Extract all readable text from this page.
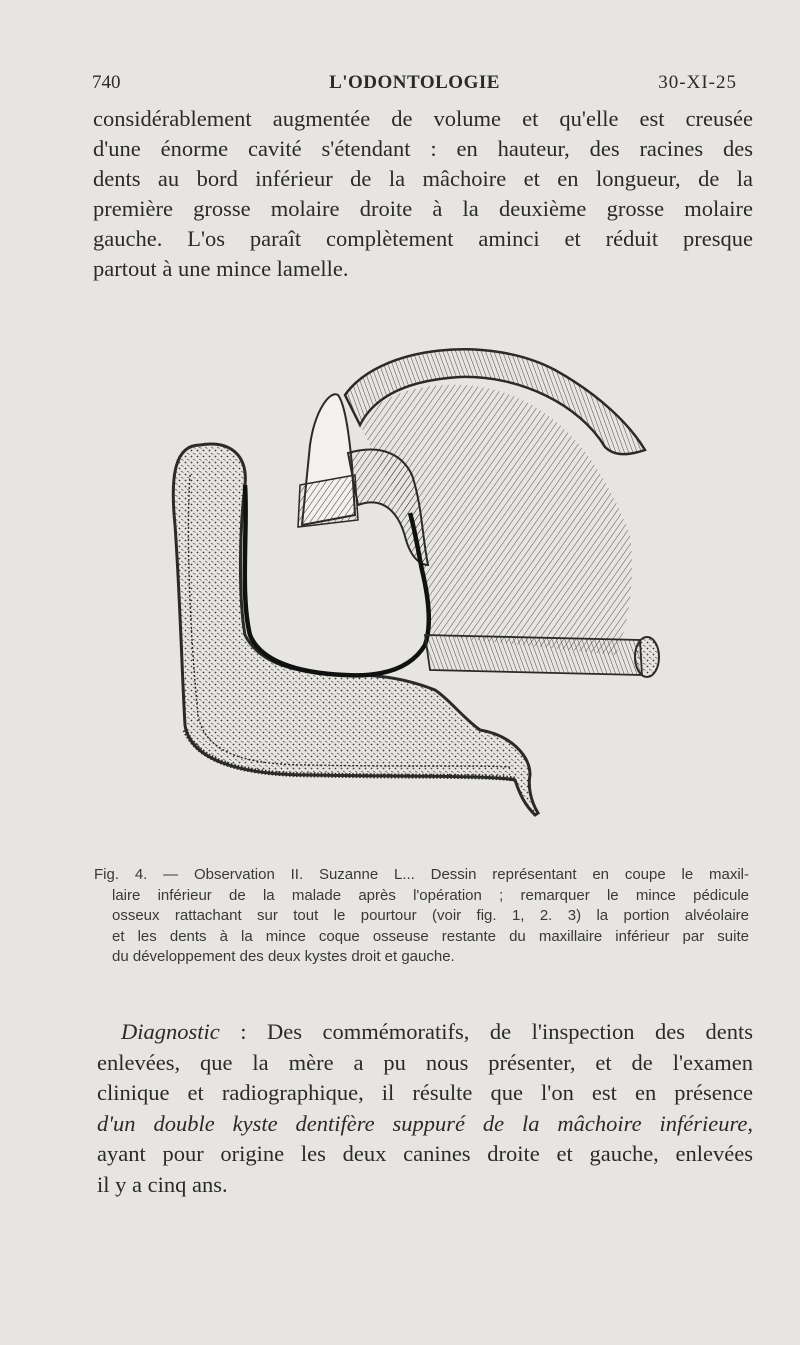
740	L'ODONTOLOGIE	30-XI-25
considérablement augmentée de volume et qu'elle est creusée
d'une énorme cavité s'étendant : en hauteur, des racines des
dents au bord inférieur de la mâchoire et en longueur, de la
première grosse molaire droite à la deuxième grosse molaire
gauche. L'os paraît complètement aminci et réduit presque
partout à une mince lamelle.
Fig. 4. — Observation II. Suzanne L... Dessin représentant en coupe le maxil-
laire inférieur de la malade après l'opération ; remarquer le mince pédicule
osseux rattachant sur tout le pourtour (voir fig. 1, 2. 3) la portion alvéolaire
et les dents à la mince coque osseuse restante du maxillaire inférieur par suite
du développement des deux kystes droit et gauche.
Diagnostic : Des commémoratifs, de l'inspection des dents
enlevées, que la mère a pu nous présenter, et de l'examen
clinique et radiographique, il résulte que l'on est en présence
d'un double kyste dentifère suppuré de la mâchoire inférieure,
ayant pour origine les deux canines droite et gauche, enlevées
il y a cinq ans.
